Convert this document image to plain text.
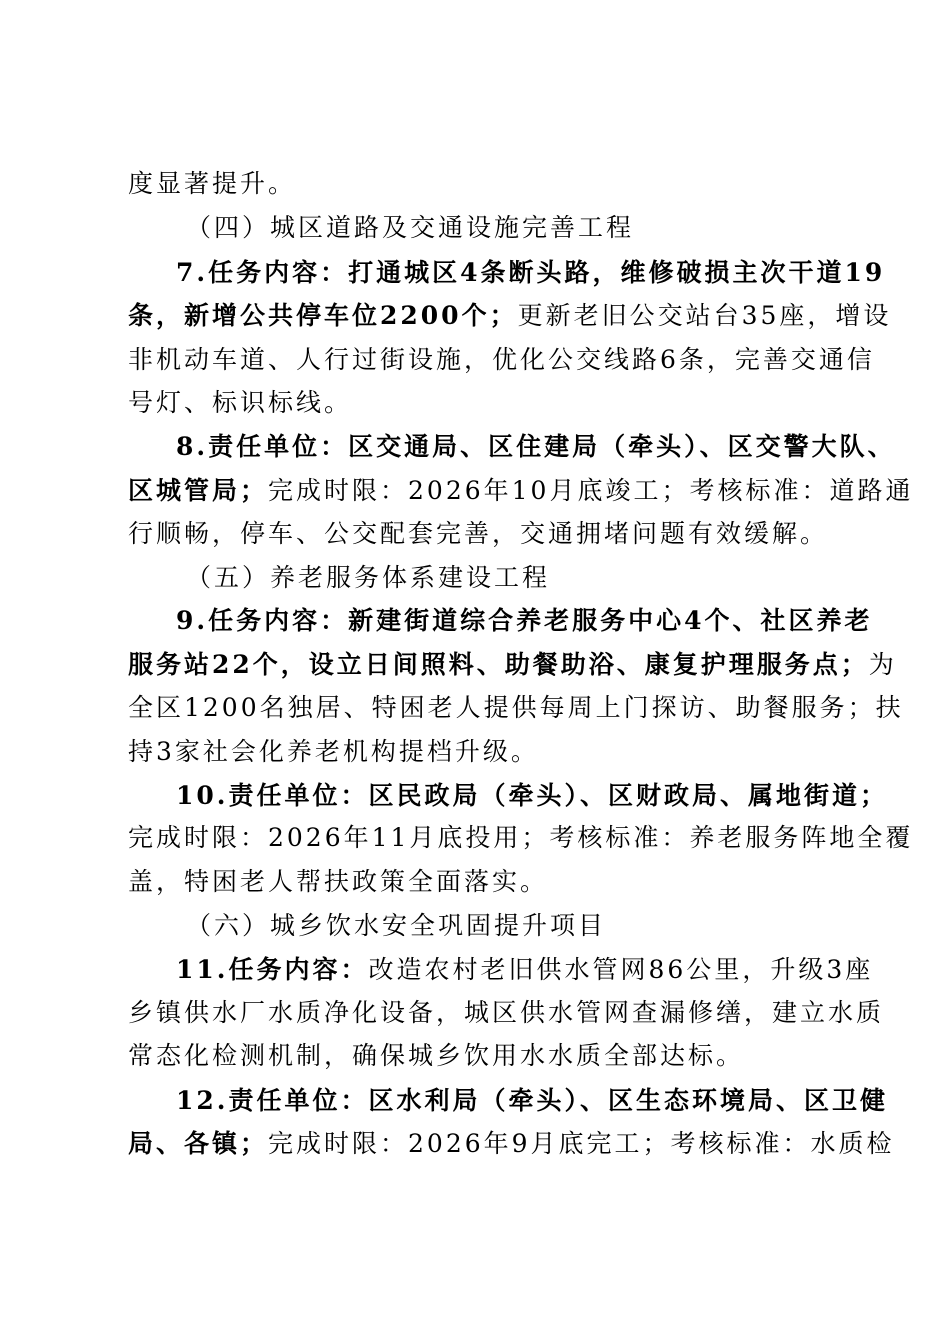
度显著提升。
（四）城区道路及交通设施完善工程
7.任务内容：打通城区4条断头路，维修破损主次干道19
条，新增公共停车位2200个；更新老旧公交站台35座，增设
非机动车道、人行过街设施，优化公交线路6条，完善交通信
号灯、标识标线。
8.责任单位：区交通局、区住建局（牵头）、区交警大队、
区城管局；完成时限：2026年10月底竣工；考核标准：道路通
行顺畅，停车、公交配套完善，交通拥堵问题有效缓解。
（五）养老服务体系建设工程
9.任务内容：新建街道综合养老服务中心4个、社区养老
服务站22个，设立日间照料、助餐助浴、康复护理服务点；为
全区1200名独居、特困老人提供每周上门探访、助餐服务；扶
持3家社会化养老机构提档升级。
10.责任单位：区民政局（牵头）、区财政局、属地街道；
完成时限：2026年11月底投用；考核标准：养老服务阵地全覆
盖，特困老人帮扶政策全面落实。
（六）城乡饮水安全巩固提升项目
11.任务内容：改造农村老旧供水管网86公里，升级3座
乡镇供水厂水质净化设备，城区供水管网查漏修缮，建立水质
常态化检测机制，确保城乡饮用水水质全部达标。
12.责任单位：区水利局（牵头）、区生态环境局、区卫健
局、各镇；完成时限：2026年9月底完工；考核标准：水质检
